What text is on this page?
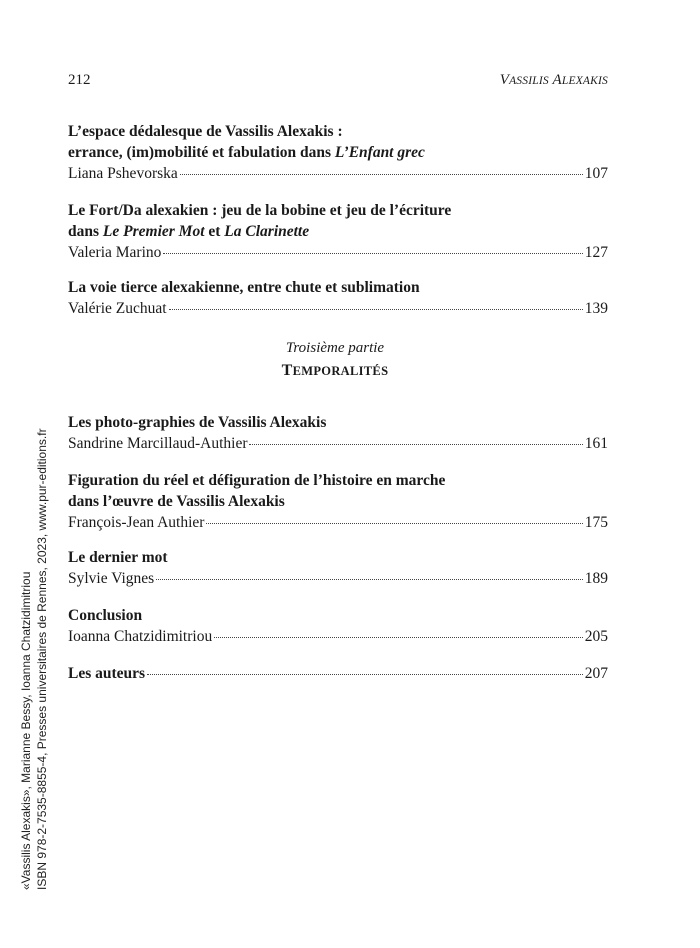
212	VASSILIS ALEXAKIS
L’espace dédalesque de Vassilis Alexakis :
errance, (im)mobilité et fabulation dans L’Enfant grec
Liana Pshevorska	107
Le Fort/Da alexakien : jeu de la bobine et jeu de l’écriture
dans Le Premier Mot et La Clarinette
Valeria Marino	127
La voie tierce alexakienne, entre chute et sublimation
Valérie Zuchuat	139
Troisième partie
TEMPORALITÉS
Les photo-graphies de Vassilis Alexakis
Sandrine Marcillaud-Authier	161
Figuration du réel et défiguration de l’histoire en marche
dans l’œuvre de Vassilis Alexakis
François-Jean Authier	175
Le dernier mot
Sylvie Vignes	189
Conclusion
Ioanna Chatzidimitriou	205
Les auteurs	207
«Vassilis Alexakis», Marianne Bessy, Ioanna Chatzidimitriou ISBN 978-2-7535-8855-4, Presses universitaires de Rennes, 2023, www.pur-editions.fr
